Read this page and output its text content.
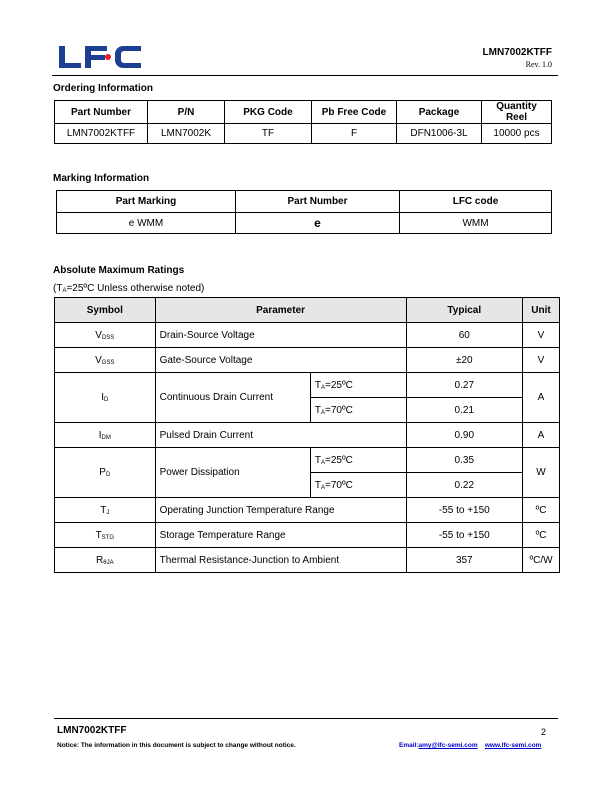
LMN7002KTFF
Rev. 1.0
Ordering Information
Part Number	P/N	PKG Code	Pb Free Code	Package	Quantity Reel
LMN7002KTFF	LMN7002K	TF	F	DFN1006-3L	10000 pcs
Marking Information
Part Marking	Part Number	LFC code
e WMM	e	WMM
Absolute Maximum Ratings
($T_A=25ºC$ Unless otherwise noted)
Symbol	Parameter		Typical	Unit
$V_{DSS}$	Drain-Source Voltage		60	V
$V_{GSS}$	Gate-Source Voltage		±20	V
$I_D$	Continuous Drain Current	$T_A=25ºC$	0.27	A
		$T_A=70ºC$	0.21	
$I_{DM}$	Pulsed Drain Current		0.90	A
$P_D$	Power Dissipation	$T_A=25ºC$	0.35	W
		$T_A=70ºC$	0.22	
$T_J$	Operating Junction Temperature Range		-55 to +150	ºC
$T_{STG}$	Storage Temperature Range		-55 to +150	ºC
$R_{\theta JA}$	Thermal Resistance-Junction to Ambient		357	ºC/W
LMN7002KTFF	2
Notice: The information in this document is subject to change without notice.	Email:amy@lfc-semi.com www.lfc-semi.com
